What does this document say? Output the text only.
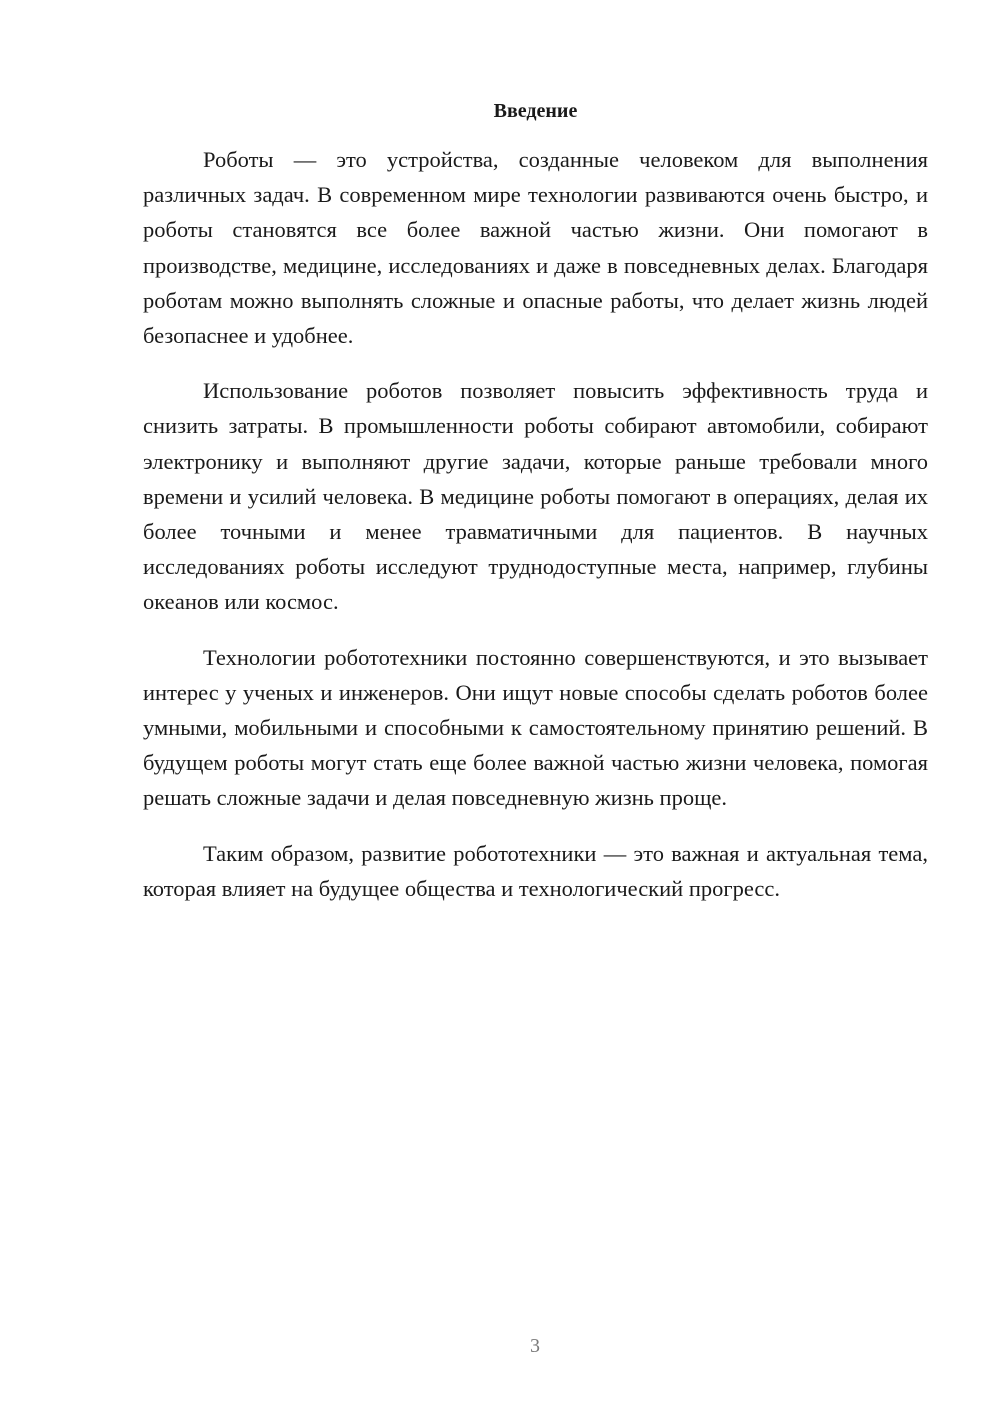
Введение

Роботы — это устройства, созданные человеком для выполнения различных задач. В современном мире технологии развиваются очень быстро, и роботы становятся все более важной частью жизни. Они помогают в производстве, медицине, исследованиях и даже в повседневных делах. Благодаря роботам можно выполнять сложные и опасные работы, что делает жизнь людей безопаснее и удобнее.

Использование роботов позволяет повысить эффективность труда и снизить затраты. В промышленности роботы собирают автомобили, собирают электронику и выполняют другие задачи, которые раньше требовали много времени и усилий человека. В медицине роботы помогают в операциях, делая их более точными и менее травматичными для пациентов. В научных исследованиях роботы исследуют труднодоступные места, например, глубины океанов или космос.

Технологии робототехники постоянно совершенствуются, и это вызывает интерес у ученых и инженеров. Они ищут новые способы сделать роботов более умными, мобильными и способными к самостоятельному принятию решений. В будущем роботы могут стать еще более важной частью жизни человека, помогая решать сложные задачи и делая повседневную жизнь проще.

Таким образом, развитие робототехники — это важная и актуальная тема, которая влияет на будущее общества и технологический прогресс.

3
